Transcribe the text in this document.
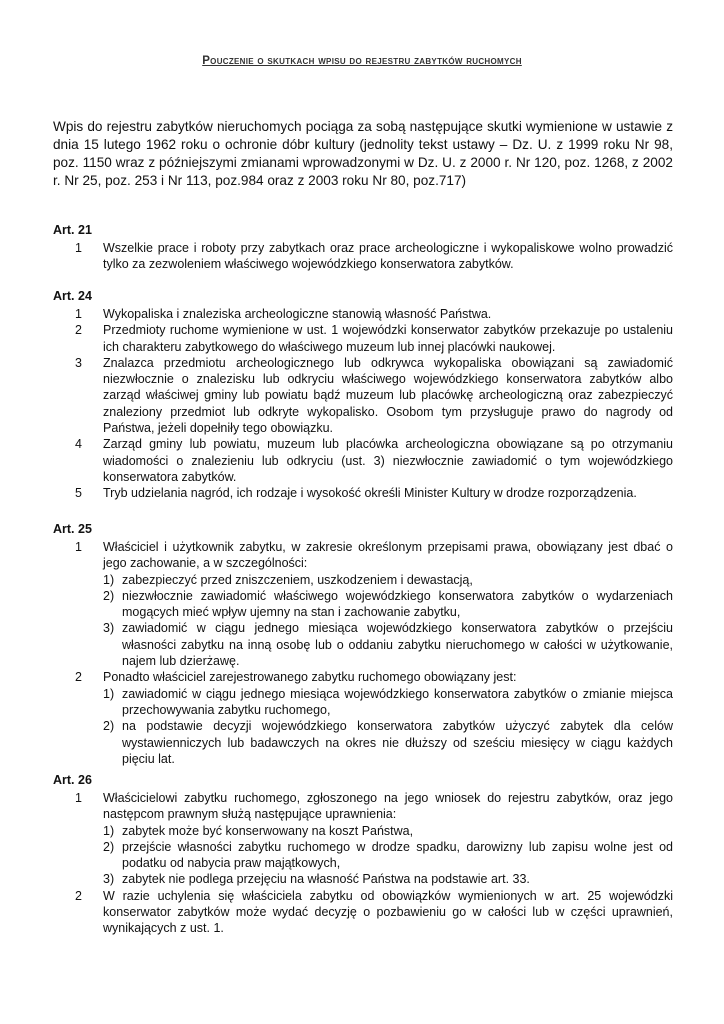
Pouczenie o skutkach wpisu do rejestru zabytków ruchomych
Wpis do rejestru zabytków nieruchomych pociąga za sobą następujące skutki wymienione w ustawie z dnia 15 lutego 1962 roku o ochronie dóbr kultury (jednolity tekst ustawy – Dz. U. z 1999 roku Nr 98, poz. 1150 wraz z późniejszymi zmianami wprowadzonymi w Dz. U. z 2000 r. Nr 120, poz. 1268, z 2002 r. Nr 25, poz. 253 i Nr 113, poz.984 oraz z 2003 roku Nr 80, poz.717)
Art. 21
1	Wszelkie prace i roboty przy zabytkach oraz prace archeologiczne i wykopaliskowe wolno prowadzić tylko za zezwoleniem właściwego wojewódzkiego konserwatora zabytków.
Art. 24
1	Wykopaliska i znaleziska archeologiczne stanowią własność Państwa.
2	Przedmioty ruchome wymienione w ust. 1 wojewódzki konserwator zabytków przekazuje po ustaleniu ich charakteru zabytkowego do właściwego muzeum lub innej placówki naukowej.
3	Znalazca przedmiotu archeologicznego lub odkrywca wykopaliska obowiązani są zawiadomić niezwłocznie o znalezisku lub odkryciu właściwego wojewódzkiego konserwatora zabytków albo zarząd właściwej gminy lub powiatu bądź muzeum lub placówkę archeologiczną oraz zabezpieczyć znaleziony przedmiot lub odkryte wykopalisko. Osobom tym przysługuje prawo do nagrody od Państwa, jeżeli dopełniły tego obowiązku.
4	Zarząd gminy lub powiatu, muzeum lub placówka archeologiczna obowiązane są po otrzymaniu wiadomości o znalezieniu lub odkryciu (ust. 3) niezwłocznie zawiadomić o tym wojewódzkiego konserwatora zabytków.
5	Tryb udzielania nagród, ich rodzaje i wysokość określi Minister Kultury w drodze rozporządzenia.
Art. 25
1	Właściciel i użytkownik zabytku, w zakresie określonym przepisami prawa, obowiązany jest dbać o jego zachowanie, a w szczególności:
1) zabezpieczyć przed zniszczeniem, uszkodzeniem i dewastacją,
2) niezwłocznie zawiadomić właściwego wojewódzkiego konserwatora zabytków o wydarzeniach mogących mieć wpływ ujemny na stan i zachowanie zabytku,
3) zawiadomić w ciągu jednego miesiąca wojewódzkiego konserwatora zabytków o przejściu własności zabytku na inną osobę lub o oddaniu zabytku nieruchomego w całości w użytkowanie, najem lub dzierżawę.
2	Ponadto właściciel zarejestrowanego zabytku ruchomego obowiązany jest:
1) zawiadomić w ciągu jednego miesiąca wojewódzkiego konserwatora zabytków o zmianie miejsca przechowywania zabytku ruchomego,
2) na podstawie decyzji wojewódzkiego konserwatora zabytków użyczyć zabytek dla celów wystawienniczych lub badawczych na okres nie dłuższy od sześciu miesięcy w ciągu każdych pięciu lat.
Art. 26
1	Właścicielowi zabytku ruchomego, zgłoszonego na jego wniosek do rejestru zabytków, oraz jego następcom prawnym służą następujące uprawnienia:
1) zabytek może być konserwowany na koszt Państwa,
2) przejście własności zabytku ruchomego w drodze spadku, darowizny lub zapisu wolne jest od podatku od nabycia praw majątkowych,
3) zabytek nie podlega przejęciu na własność Państwa na podstawie art. 33.
2	W razie uchylenia się właściciela zabytku od obowiązków wymienionych w art. 25 wojewódzki konserwator zabytków może wydać decyzję o pozbawieniu go w całości lub w części uprawnień, wynikających z ust. 1.
